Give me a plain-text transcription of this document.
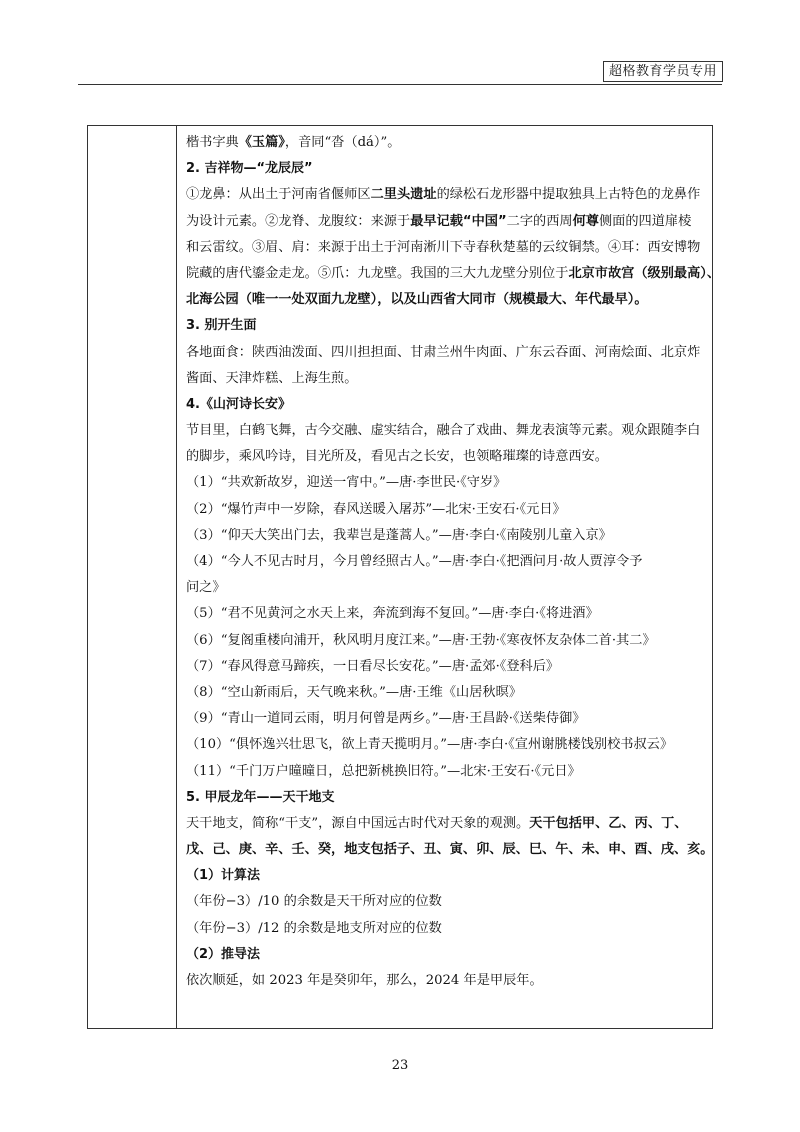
超格教育学员专用
楷书字典《玉篇》，音同“沓（dá）”。
2. 吉祥物—“龙辰辰”
①龙鼻：从出土于河南省偃师区二里头遗址的绿松石龙形器中提取独具上古特色的龙鼻作
为设计元素。②龙脊、龙腹纹：来源于最早记载“中国”二字的西周何尊侧面的四道扉棱
和云雷纹。③眉、肩：来源于出土于河南淅川下寺春秋楚墓的云纹铜禁。④耳：西安博物
院藏的唐代鎏金走龙。⑤爪：九龙壁。我国的三大九龙壁分别位于北京市故宫（级别最高）、
北海公园（唯一一处双面九龙壁），以及山西省大同市（规模最大、年代最早）。
3. 别开生面
各地面食：陕西油泼面、四川担担面、甘肃兰州牛肉面、广东云吞面、河南烩面、北京炸
酱面、天津炸糕、上海生煎。
4.《山河诗长安》
节目里，白鹤飞舞，古今交融、虚实结合，融合了戏曲、舞龙表演等元素。观众跟随李白
的脚步，乘风吟诗，目光所及，看见古之长安，也领略璀璨的诗意西安。
（1）“共欢新故岁，迎送一宵中。”—唐·李世民·《守岁》
（2）“爆竹声中一岁除，春风送暖入屠苏”—北宋·王安石·《元日》
（3）“仰天大笑出门去，我辈岂是蓬蒿人。”—唐·李白·《南陵别儿童入京》
（4）“今人不见古时月，今月曾经照古人。”—唐·李白·《把酒问月·故人贾淳令予
问之》
（5）“君不见黄河之水天上来，奔流到海不复回。”—唐·李白·《将进酒》
（6）“复阁重楼向浦开，秋风明月度江来。”—唐·王勃·《寒夜怀友杂体二首·其二》
（7）“春风得意马蹄疾，一日看尽长安花。”—唐·孟郊·《登科后》
（8）“空山新雨后，天气晚来秋。”—唐·王维《山居秋暝》
（9）“青山一道同云雨，明月何曾是两乡。”—唐·王昌龄·《送柴侍御》
（10）“俱怀逸兴壮思飞，欲上青天揽明月。”—唐·李白·《宣州谢朓楼饯别校书叔云》
（11）“千门万户曈曈日，总把新桃换旧符。”—北宋·王安石·《元日》
5. 甲辰龙年——天干地支
天干地支，简称“干支”，源自中国远古时代对天象的观测。天干包括甲、乙、丙、丁、
戊、己、庚、辛、壬、癸，地支包括子、丑、寅、卯、辰、巳、午、未、申、酉、戌、亥。
（1）计算法
（年份−3）/10 的余数是天干所对应的位数
（年份−3）/12 的余数是地支所对应的位数
（2）推导法
依次顺延，如 2023 年是癸卯年，那么，2024 年是甲辰年。
23
